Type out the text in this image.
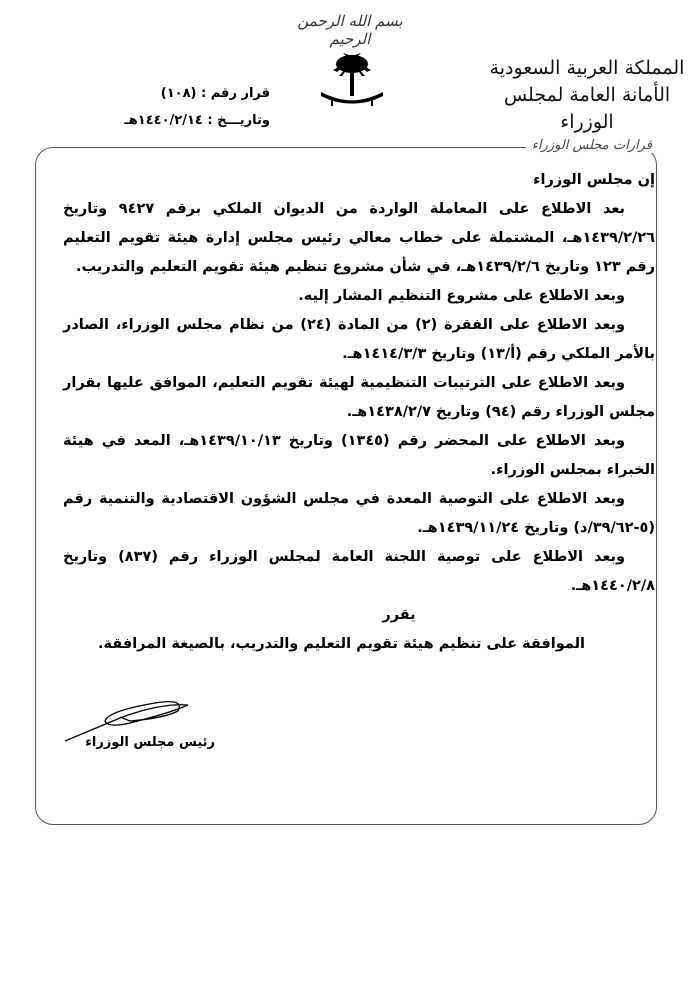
بسم الله الرحمن الرحيم
المملكة العربية السعودية
الأمانة العامة لمجلس الوزراء
قرار رقم : (١٠٨)
وتاريـــخ : ١٤٤٠/٢/١٤هـ
قرارات مجلس الوزراء

إن مجلس الوزراء

بعد الاطلاع على المعاملة الواردة من الديوان الملكي برقم ٩٤٢٧ وتاريخ ١٤٣٩/٢/٢٦هـ، المشتملة على خطاب معالي رئيس مجلس إدارة هيئة تقويم التعليم رقم ١٢٣ وتاريخ ١٤٣٩/٢/٦هـ، في شأن مشروع تنظيم هيئة تقويم التعليم والتدريب.

وبعد الاطلاع على مشروع التنظيم المشار إليه.

وبعد الاطلاع على الفقرة (٢) من المادة (٢٤) من نظام مجلس الوزراء، الصادر بالأمر الملكي رقم (أ/١٣) وتاريخ ١٤١٤/٣/٣هـ.

وبعد الاطلاع على الترتيبات التنظيمية لهيئة تقويم التعليم، الموافق عليها بقرار مجلس الوزراء رقم (٩٤) وتاريخ ١٤٣٨/٢/٧هـ.

وبعد الاطلاع على المحضر رقم (١٣٤٥) وتاريخ ١٤٣٩/١٠/١٣هـ، المعد في هيئة الخبراء بمجلس الوزراء.

وبعد الاطلاع على التوصية المعدة في مجلس الشؤون الاقتصادية والتنمية رقم (٥-٣٩/٦٢/د) وتاريخ ١٤٣٩/١١/٢٤هـ.

وبعد الاطلاع على توصية اللجنة العامة لمجلس الوزراء رقم (٨٣٧) وتاريخ ١٤٤٠/٢/٨هـ.

يقرر

الموافقة على تنظيم هيئة تقويم التعليم والتدريب، بالصيغة المرافقة.

رئيس مجلس الوزراء
